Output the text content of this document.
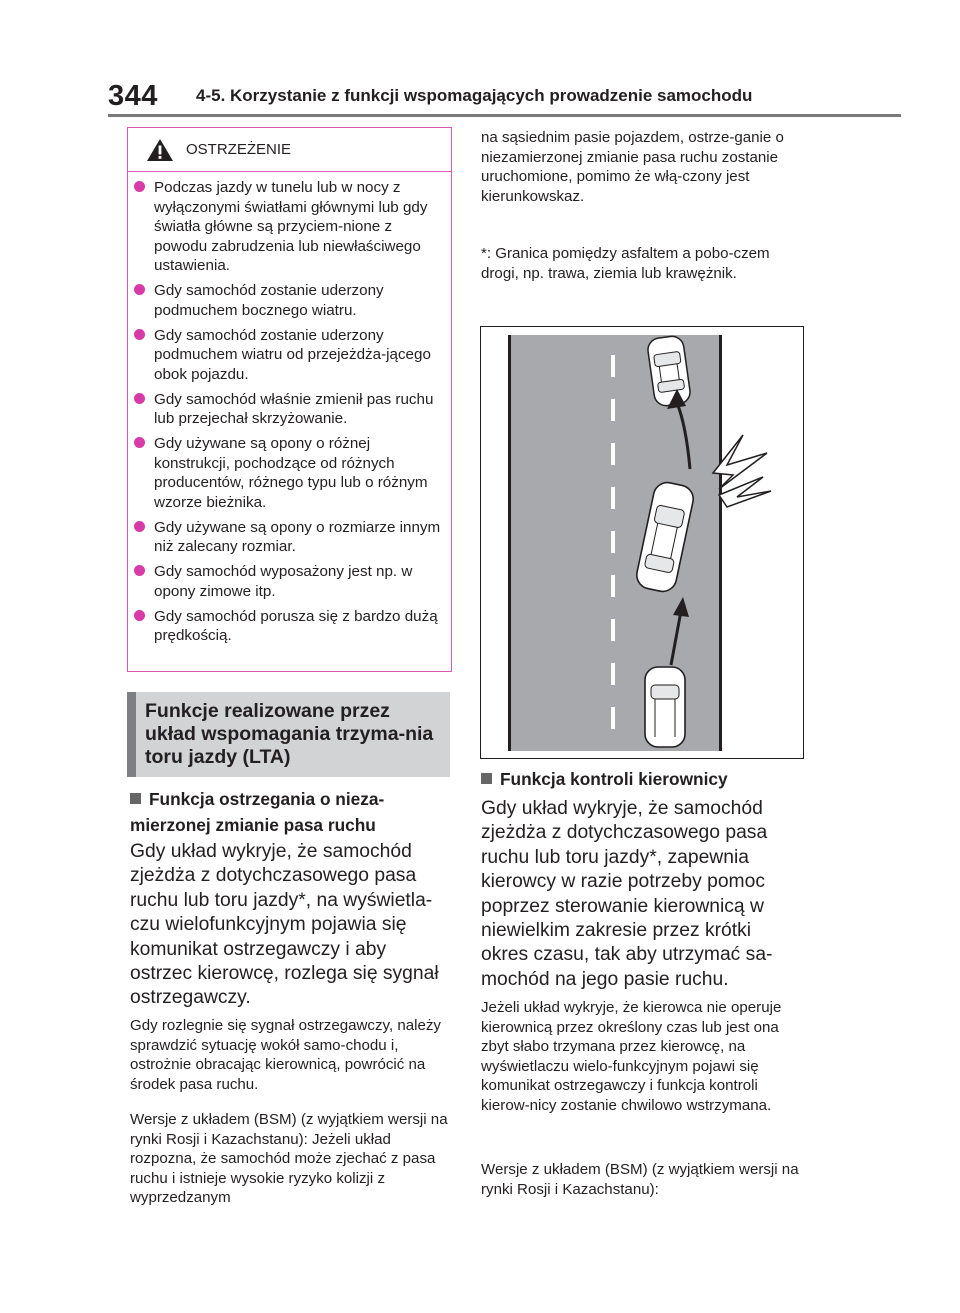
344 4-5. Korzystanie z funkcji wspomagających prowadzenie samochodu
OSTRZEŻENIE
Podczas jazdy w tunelu lub w nocy z wyłączonymi światłami głównymi lub gdy światła główne są przyciem-nione z powodu zabrudzenia lub niewłaściwego ustawienia.
Gdy samochód zostanie uderzony podmuchem bocznego wiatru.
Gdy samochód zostanie uderzony podmuchem wiatru od przejeżdża-jącego obok pojazdu.
Gdy samochód właśnie zmienił pas ruchu lub przejechał skrzyżowanie.
Gdy używane są opony o różnej konstrukcji, pochodzące od różnych producentów, różnego typu lub o różnym wzorze bieżnika.
Gdy używane są opony o rozmiarze innym niż zalecany rozmiar.
Gdy samochód wyposażony jest np. w opony zimowe itp.
Gdy samochód porusza się z bardzo dużą prędkością.
Funkcje realizowane przez układ wspomagania trzyma-nia toru jazdy (LTA)
Funkcja ostrzegania o nieza-mierzonej zmianie pasa ruchu
Gdy układ wykryje, że samochód zjeżdża z dotychczasowego pasa ruchu lub toru jazdy*, na wyświetla-czu wielofunkcyjnym pojawia się komunikat ostrzegawczy i aby ostrzec kierowcę, rozlega się sygnał ostrzegawczy.
Gdy rozlegnie się sygnał ostrzegawczy, należy sprawdzić sytuację wokół samo-chodu i, ostrożnie obracając kierownicą, powrócić na środek pasa ruchu.
Wersje z układem (BSM) (z wyjątkiem wersji na rynki Rosji i Kazachstanu): Jeżeli układ rozpozna, że samochód może zjechać z pasa ruchu i istnieje wysokie ryzyko kolizji z wyprzedzanym
na sąsiednim pasie pojazdem, ostrze-ganie o niezamierzonej zmianie pasa ruchu zostanie uruchomione, pomimo że włą-czony jest kierunkowskaz.
*: Granica pomiędzy asfaltem a pobo-czem drogi, np. trawa, ziemia lub krawężnik.
Funkcja kontroli kierownicy
Gdy układ wykryje, że samochód zjeżdża z dotychczasowego pasa ruchu lub toru jazdy*, zapewnia kierowcy w razie potrzeby pomoc poprzez sterowanie kierownicą w niewielkim zakresie przez krótki okres czasu, tak aby utrzymać sa-mochód na jego pasie ruchu.
Jeżeli układ wykryje, że kierowca nie operuje kierownicą przez określony czas lub jest ona zbyt słabo trzymana przez kierowcę, na wyświetlaczu wielo-funkcyjnym pojawi się komunikat ostrzegawczy i funkcja kontroli kierow-nicy zostanie chwilowo wstrzymana.
Wersje z układem (BSM) (z wyjątkiem wersji na rynki Rosji i Kazachstanu):
